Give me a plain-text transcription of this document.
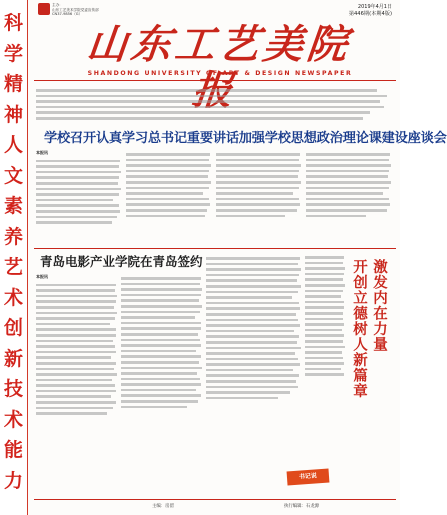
科
学
精
神
人
文
素
养
艺
术
创
新
技
术
能
力
主办：
山东工艺美术学院党委宣传部
CN37-9856（G）
2019年4月1日
第446期(本期4版)
山东工艺美院报
SHANDONG UNIVERSITY OF ART & DESIGN NEWSPAPER
学校召开认真学习总书记重要讲话加强学校思想政治理论课建设座谈会
本报讯
青岛电影产业学院在青岛签约
本报讯	激发内在力量
开创立德树人新篇章
书记说
主编：房留	执行编辑：石龙源
